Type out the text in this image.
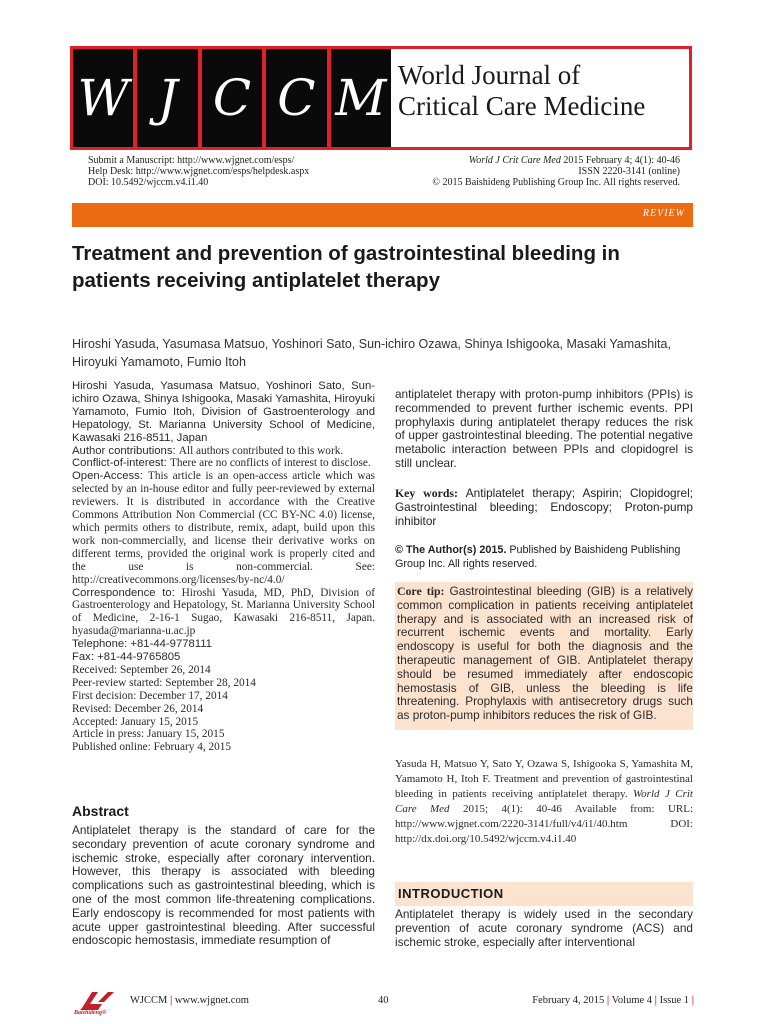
W J C C M World Journal of
Critical Care Medicine
Submit a Manuscript: http://www.wjgnet.com/esps/
Help Desk: http://www.wjgnet.com/esps/helpdesk.aspx
DOI: 10.5492/wjccm.v4.i1.40
World J Crit Care Med 2015 February 4; 4(1): 40-46
ISSN 2220-3141 (online)
© 2015 Baishideng Publishing Group Inc. All rights reserved.
REVIEW
Treatment and prevention of gastrointestinal bleeding in patients receiving antiplatelet therapy
Hiroshi Yasuda, Yasumasa Matsuo, Yoshinori Sato, Sun-ichiro Ozawa, Shinya Ishigooka, Masaki Yamashita, Hiroyuki Yamamoto, Fumio Itoh

Hiroshi Yasuda, Yasumasa Matsuo, Yoshinori Sato, Sun-ichiro Ozawa, Shinya Ishigooka, Masaki Yamashita, Hiroyuki Yamamoto, Fumio Itoh, Division of Gastroenterology and Hepatology, St. Marianna University School of Medicine, Kawasaki 216-8511, Japan

Author contributions: All authors contributed to this work.

Conflict-of-interest: There are no conflicts of interest to disclose.

Open-Access: This article is an open-access article which was selected by an in-house editor and fully peer-reviewed by external reviewers. It is distributed in accordance with the Creative Commons Attribution Non Commercial (CC BY-NC 4.0) license, which permits others to distribute, remix, adapt, build upon this work non-commercially, and license their derivative works on different terms, provided the original work is properly cited and the use is non-commercial. See: http://creativecommons.org/licenses/by-nc/4.0/

Correspondence to: Hiroshi Yasuda, MD, PhD, Division of Gastroenterology and Hepatology, St. Marianna University School of Medicine, 2-16-1 Sugao, Kawasaki 216-8511, Japan. hyasuda@marianna-u.ac.jp

Telephone: +81-44-9778111

Fax: +81-44-9765805

Received: September 26, 2014

Peer-review started: September 28, 2014

First decision: December 17, 2014

Revised: December 26, 2014

Accepted: January 15, 2015

Article in press: January 15, 2015

Published online: February 4, 2015

Abstract
Antiplatelet therapy is the standard of care for the secondary prevention of acute coronary syndrome and ischemic stroke, especially after coronary intervention. However, this therapy is associated with bleeding complications such as gastrointestinal bleeding, which is one of the most common life-threatening complications. Early endoscopy is recommended for most patients with acute upper gastrointestinal bleeding. After successful endoscopic hemostasis, immediate resumption of

antiplatelet therapy with proton-pump inhibitors (PPIs) is recommended to prevent further ischemic events. PPI prophylaxis during antiplatelet therapy reduces the risk of upper gastrointestinal bleeding. The potential negative metabolic interaction between PPIs and clopidogrel is still unclear.

Key words: Antiplatelet therapy; Aspirin; Clopidogrel; Gastrointestinal bleeding; Endoscopy; Proton-pump inhibitor
© The Author(s) 2015. Published by Baishideng Publishing Group Inc. All rights reserved.
Core tip: Gastrointestinal bleeding (GIB) is a relatively common complication in patients receiving antiplatelet therapy and is associated with an increased risk of recurrent ischemic events and mortality. Early endoscopy is useful for both the diagnosis and the therapeutic management of GIB. Antiplatelet therapy should be resumed immediately after endoscopic hemostasis of GIB, unless the bleeding is life threatening. Prophylaxis with antisecretory drugs such as proton-pump inhibitors reduces the risk of GIB.
Yasuda H, Matsuo Y, Sato Y, Ozawa S, Ishigooka S, Yamashita M, Yamamoto H, Itoh F. Treatment and prevention of gastrointestinal bleeding in patients receiving antiplatelet therapy. World J Crit Care Med 2015; 4(1): 40-46 Available from: URL: http://www.wjgnet.com/2220-3141/full/v4/i1/40.htm DOI: http://dx.doi.org/10.5492/wjccm.v4.i1.40
INTRODUCTION
Antiplatelet therapy is widely used in the secondary prevention of acute coronary syndrome (ACS) and ischemic stroke, especially after interventional
Baishideng®
WJCCM | www.wjgnet.com	40	February 4, 2015 | Volume 4 | Issue 1 |
